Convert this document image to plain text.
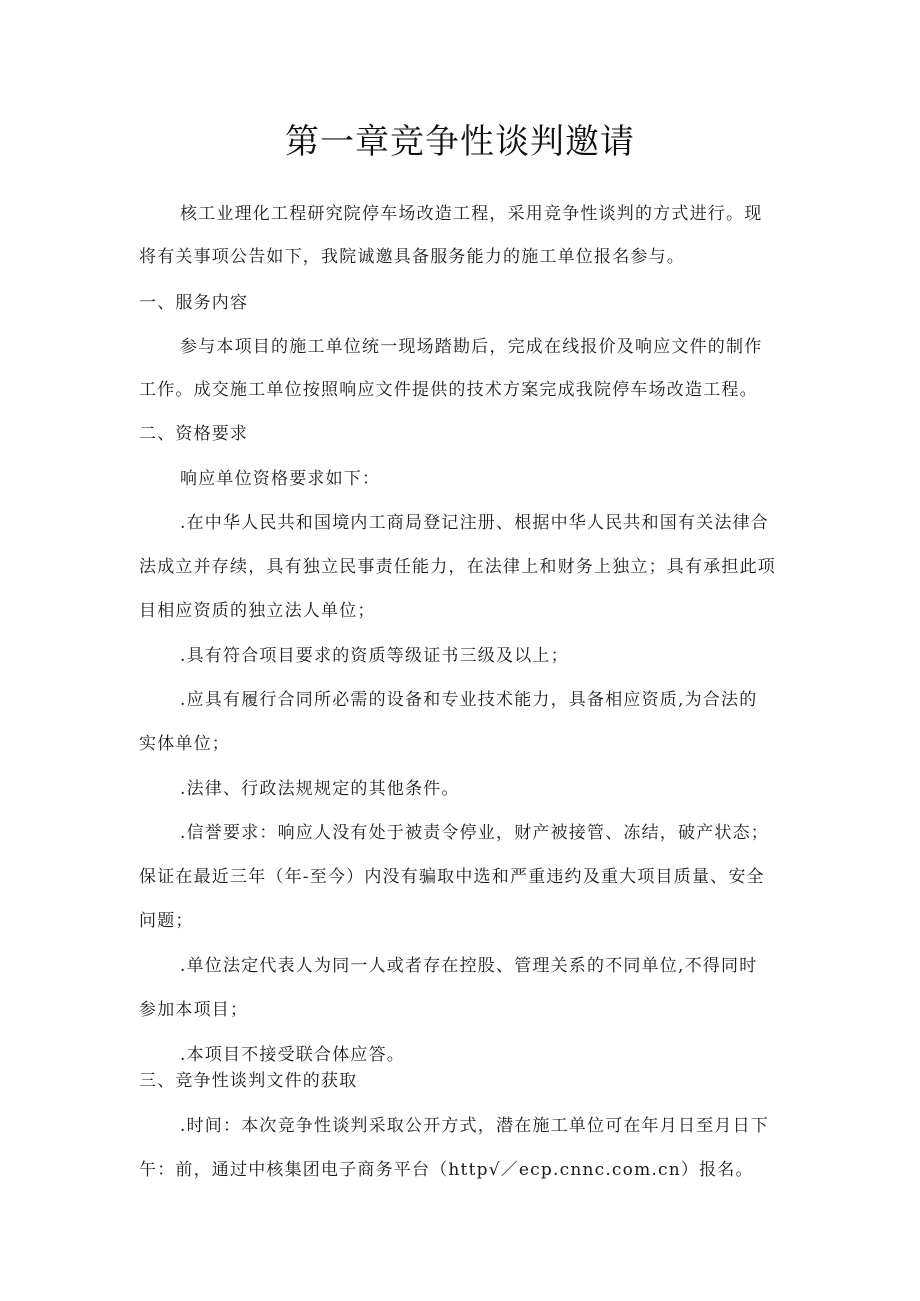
第一章竞争性谈判邀请
核工业理化工程研究院停车场改造工程，采用竞争性谈判的方式进行。现
将有关事项公告如下，我院诚邀具备服务能力的施工单位报名参与。
一、服务内容
参与本项目的施工单位统一现场踏勘后，完成在线报价及响应文件的制作
工作。成交施工单位按照响应文件提供的技术方案完成我院停车场改造工程。
二、资格要求
响应单位资格要求如下：
.在中华人民共和国境内工商局登记注册、根据中华人民共和国有关法律合
法成立并存续，具有独立民事责任能力，在法律上和财务上独立；具有承担此项
目相应资质的独立法人单位；
.具有符合项目要求的资质等级证书三级及以上；
.应具有履行合同所必需的设备和专业技术能力，具备相应资质,为合法的
实体单位；
.法律、行政法规规定的其他条件。
.信誉要求：响应人没有处于被责令停业，财产被接管、冻结，破产状态；
保证在最近三年（年-至今）内没有骗取中选和严重违约及重大项目质量、安全
问题；
.单位法定代表人为同一人或者存在控股、管理关系的不同单位,不得同时
参加本项目；
.本项目不接受联合体应答。
三、竞争性谈判文件的获取
.时间：本次竞争性谈判采取公开方式，潜在施工单位可在年月日至月日下
午：前，通过中核集团电子商务平台（http√／ecp.cnnc.com.cn）报名。
